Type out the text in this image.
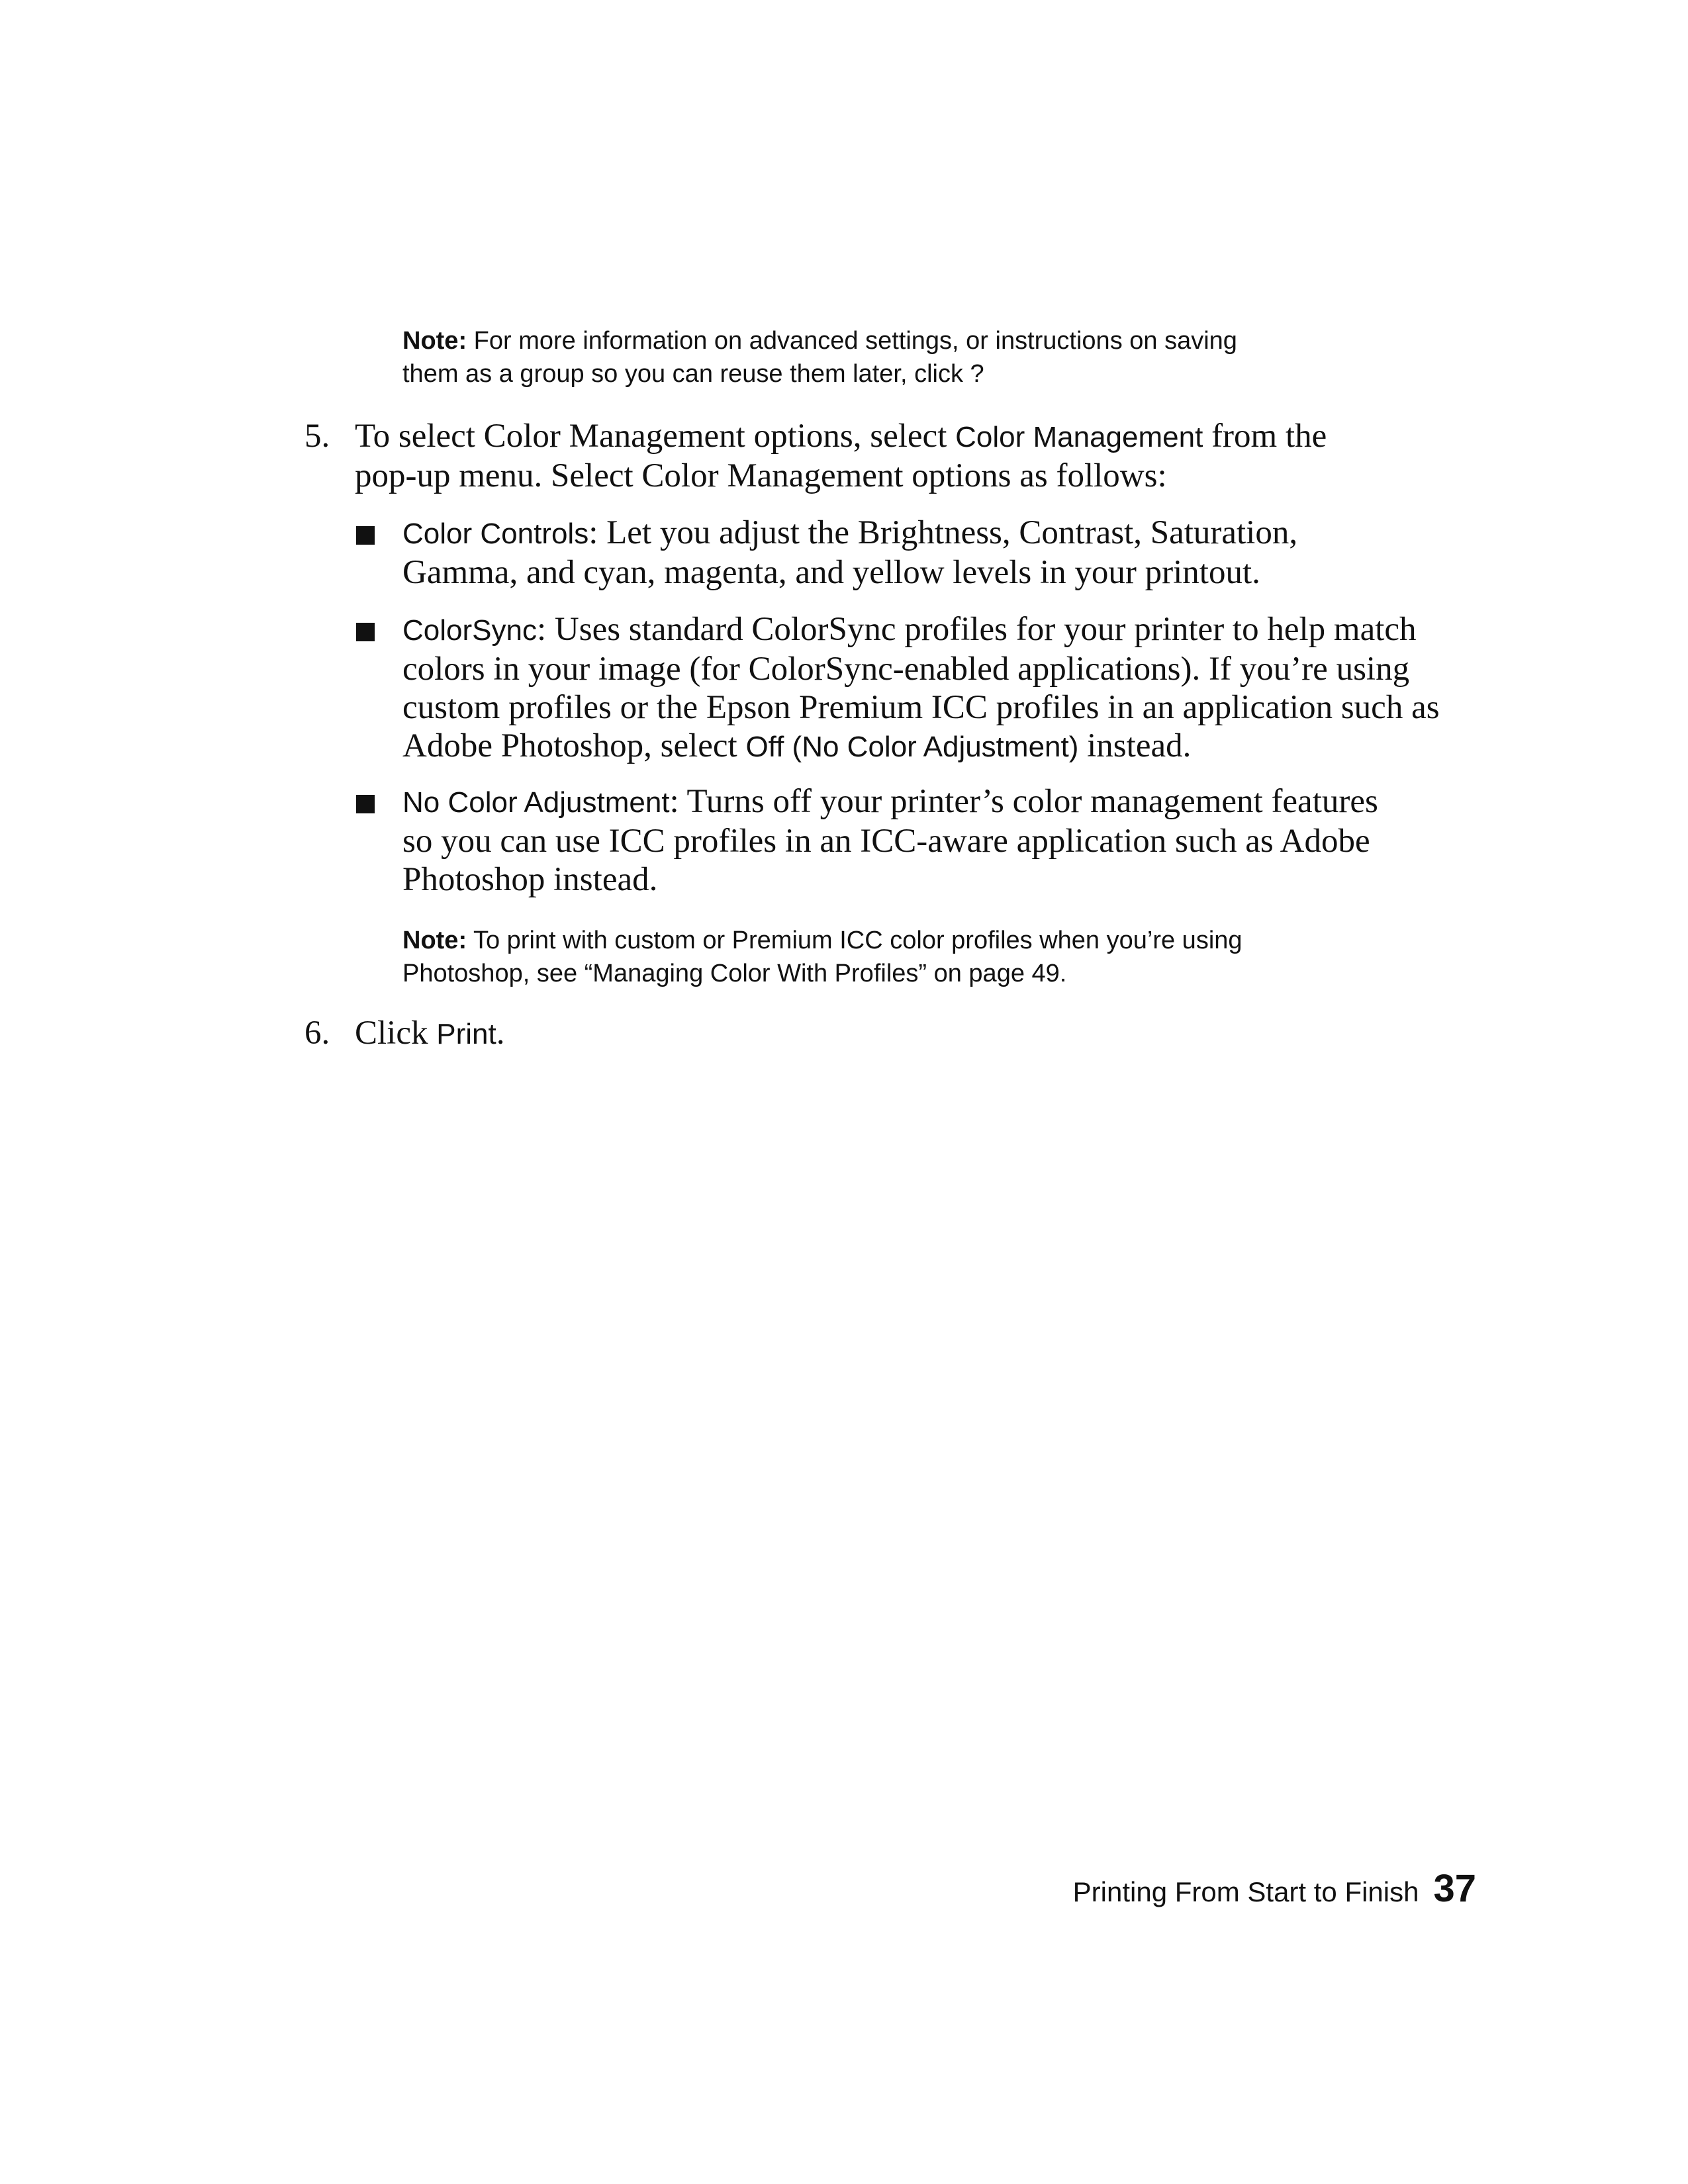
Note: For more information on advanced settings, or instructions on saving
them as a group so you can reuse them later, click ?
5. To select Color Management options, select Color Management from the
pop-up menu. Select Color Management options as follows:
Color Controls: Let you adjust the Brightness, Contrast, Saturation,
Gamma, and cyan, magenta, and yellow levels in your printout.
ColorSync: Uses standard ColorSync profiles for your printer to help match
colors in your image (for ColorSync-enabled applications). If you’re using
custom profiles or the Epson Premium ICC profiles in an application such as
Adobe Photoshop, select Off (No Color Adjustment) instead.
No Color Adjustment: Turns off your printer’s color management features
so you can use ICC profiles in an ICC-aware application such as Adobe
Photoshop instead.
Note: To print with custom or Premium ICC color profiles when you’re using
Photoshop, see “Managing Color With Profiles” on page 49.
6. Click Print.
Printing From Start to Finish 37
